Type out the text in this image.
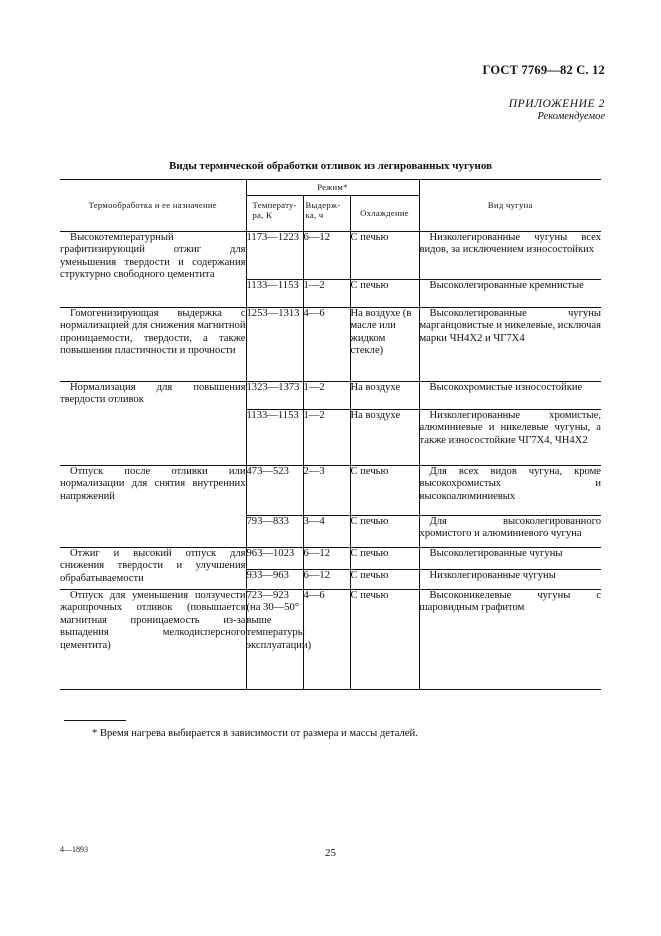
ГОСТ 7769—82 С. 12
ПРИЛОЖЕНИЕ 2
Рекомендуемое
Виды термической обработки отливок из легированных чугунов
Термообработка и ее назначение	Режим*			Вид чугуна
	Температу-ра, К	Выдерж-ка, ч	Охлаждение	
Высокотемпературный графитизирующий отжиг для уменьшения твердости и содержания структурно свободного цементита	1173—1223	6—12	С печью	Низколегированные чугуны всех видов, за исключением износостойких
	1133—1153	1—2	С печью	Высоколегированные кремнистые
Гомогенизирующая выдержка с нормализацией для снижения магнитной проницаемости, твердости, а также повышения пластичности и прочности	1253—1313	4—6	На воздухе (в масле или жидком стекле)	Высоколегированные чугуны марганцовистые и никелевые, исключая марки ЧН4Х2 и ЧГ7Х4
Нормализация для повышения твердости отливок	1323—1373	1—2	На воздухе	Высокохромистые износостойкие
	1133—1153	1—2	На воздухе	Низколегированные хромистые, алюминиевые и никелевые чугуны, а также износостойкие ЧГ7Х4, ЧН4Х2
Отпуск после отливки или нормализации для снятия внутренних напряжений	473—523	2—3	С печью	Для всех видов чугуна, кроме высокохромистых и высокоалюминиевых
	793—833	3—4	С печью	Для высоколегированного хромистого и алюминиевого чугуна
Отжиг и высокий отпуск для снижения твердости и улучшения обрабатываемости	963—1023	6—12	С печью	Высоколегированные чугуны
	933—963	6—12	С печью	Низколегированные чугуны
Отпуск для уменьшения ползучести жаропрочных отливок (повышается магнитная проницаемость из-за выпадения мелкодисперсного цементита)	723—923 (на 30—50° выше температуры эксплуатации)	4—6	С печью	Высоконикелевые чугуны с шаровидным графитом
* Время нагрева выбирается в зависимости от размера и массы деталей.
4—1893	25
